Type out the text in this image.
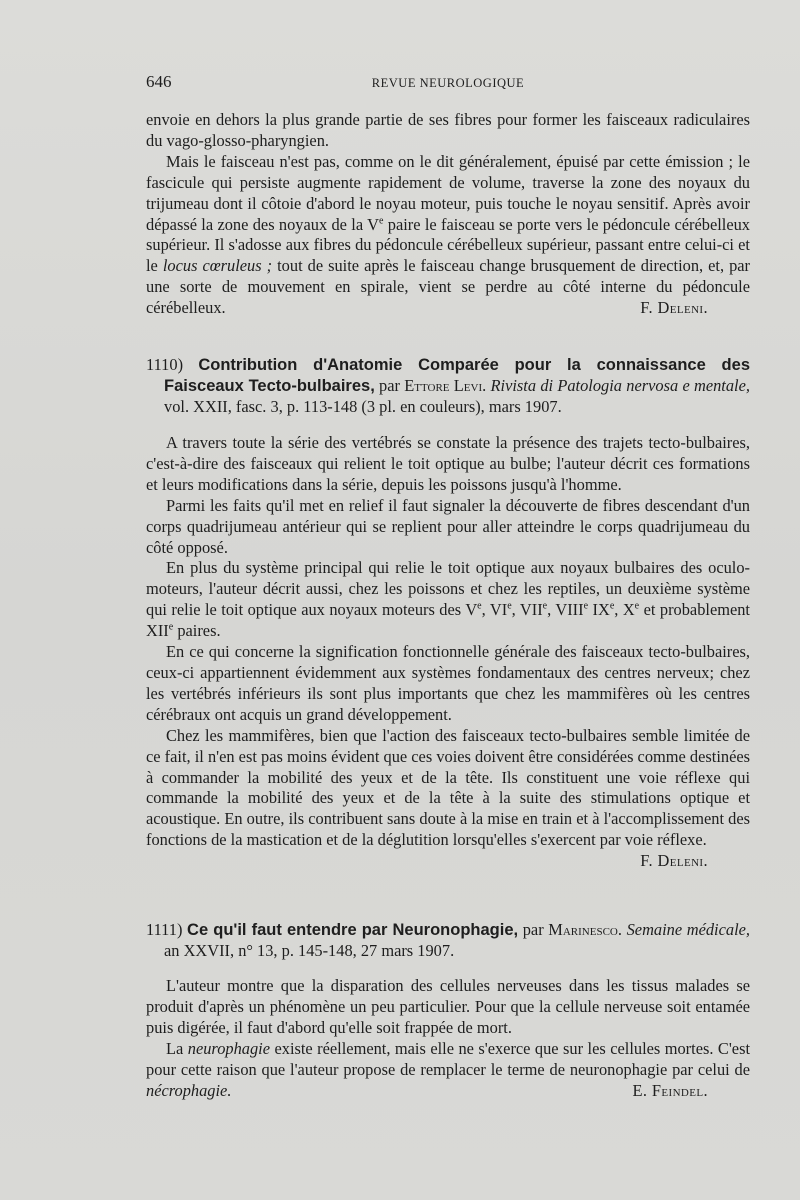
646	REVUE NEUROLOGIQUE

envoie en dehors la plus grande partie de ses fibres pour former les faisceaux radiculaires du vago-glosso-pharyngien.

Mais le faisceau n'est pas, comme on le dit généralement, épuisé par cette émission ; le fascicule qui persiste augmente rapidement de volume, traverse la zone des noyaux du trijumeau dont il côtoie d'abord le noyau moteur, puis touche le noyau sensitif. Après avoir dépassé la zone des noyaux de la Ve paire le faisceau se porte vers le pédoncule cérébelleux supérieur. Il s'adosse aux fibres du pédoncule cérébelleux supérieur, passant entre celui-ci et le locus cœruleus ; tout de suite après le faisceau change brusquement de direction, et, par une sorte de mouvement en spirale, vient se perdre au côté interne du pédoncule cérébelleux.	F. Deleni.

1110) Contribution d'Anatomie Comparée pour la connaissance des Faisceaux Tecto-bulbaires, par Ettore Levi. Rivista di Patologia nervosa e mentale, vol. XXII, fasc. 3, p. 113-148 (3 pl. en couleurs), mars 1907.

A travers toute la série des vertébrés se constate la présence des trajets tecto-bulbaires, c'est-à-dire des faisceaux qui relient le toit optique au bulbe; l'auteur décrit ces formations et leurs modifications dans la série, depuis les poissons jusqu'à l'homme.

Parmi les faits qu'il met en relief il faut signaler la découverte de fibres descendant d'un corps quadrijumeau antérieur qui se replient pour aller atteindre le corps quadrijumeau du côté opposé.

En plus du système principal qui relie le toit optique aux noyaux bulbaires des oculo-moteurs, l'auteur décrit aussi, chez les poissons et chez les reptiles, un deuxième système qui relie le toit optique aux noyaux moteurs des Ve, VIe, VIIe, VIIIe IXe, Xe et probablement XIIe paires.

En ce qui concerne la signification fonctionnelle générale des faisceaux tecto-bulbaires, ceux-ci appartiennent évidemment aux systèmes fondamentaux des centres nerveux; chez les vertébrés inférieurs ils sont plus importants que chez les mammifères où les centres cérébraux ont acquis un grand développement.

Chez les mammifères, bien que l'action des faisceaux tecto-bulbaires semble limitée de ce fait, il n'en est pas moins évident que ces voies doivent être considérées comme destinées à commander la mobilité des yeux et de la tête. Ils constituent une voie réflexe qui commande la mobilité des yeux et de la tête à la suite des stimulations optique et acoustique. En outre, ils contribuent sans doute à la mise en train et à l'accomplissement des fonctions de la mastication et de la déglutition lorsqu'elles s'exercent par voie réflexe.

F. Deleni.

1111) Ce qu'il faut entendre par Neuronophagie, par Marinesco. Semaine médicale, an XXVII, n° 13, p. 145-148, 27 mars 1907.

L'auteur montre que la disparation des cellules nerveuses dans les tissus malades se produit d'après un phénomène un peu particulier. Pour que la cellule nerveuse soit entamée puis digérée, il faut d'abord qu'elle soit frappée de mort.

La neurophagie existe réellement, mais elle ne s'exerce que sur les cellules mortes. C'est pour cette raison que l'auteur propose de remplacer le terme de neuronophagie par celui de nécrophagie.	E. Feindel.
